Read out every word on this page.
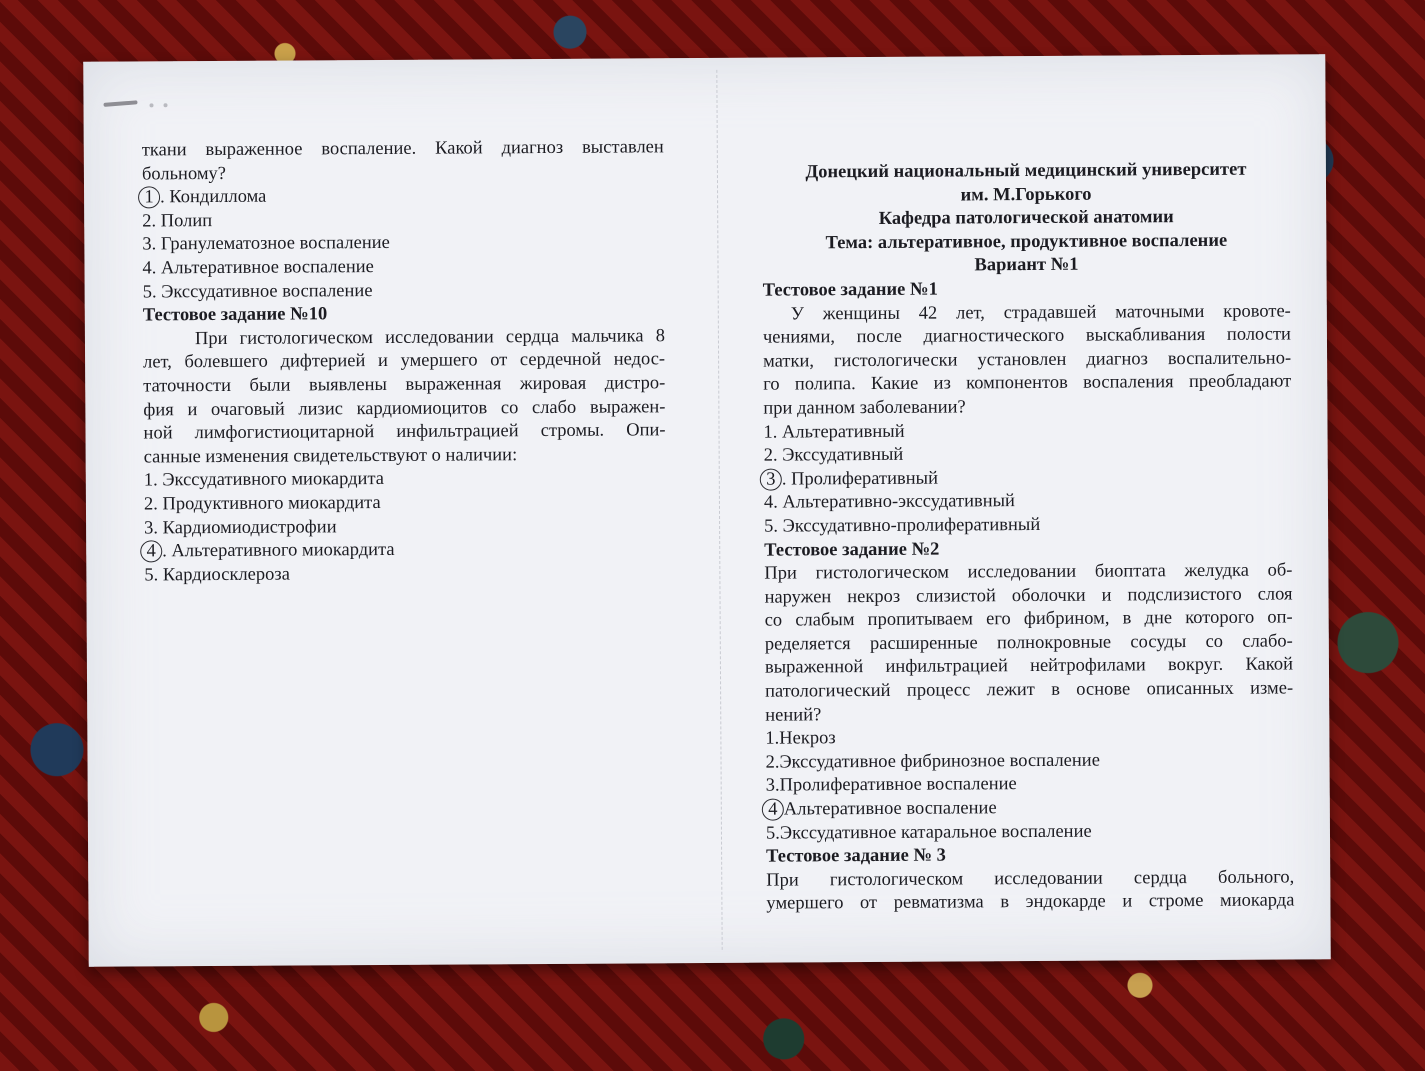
ткани выраженное воспаление. Какой диагноз выставлен

больному?

1 . Кондиллома
2. Полип
3. Гранулематозное воспаление
4. Альтеративное воспаление
5. Экссудативное воспаление

Тестовое задание №10

При гистологическом исследовании сердца мальчика 8

лет, болевшего дифтерией и умершего от сердечной недос-

таточности были выявлены выраженная жировая дистро-

фия и очаговый лизис кардиомиоцитов со слабо выражен-

ной лимфогистиоцитарной инфильтрацией стромы. Опи-

санные изменения свидетельствуют о наличии:

1. Экссудативного миокардита
2. Продуктивного миокардита
3. Кардиомиодистрофии
4 . Альтеративного миокардита
5. Кардиосклероза

Донецкий национальный медицинский университет

им. М.Горького

Кафедра патологической анатомии

Тема: альтеративное, продуктивное воспаление

Вариант №1

Тестовое задание №1

У женщины 42 лет, страдавшей маточными кровоте-

чениями, после диагностического выскабливания полости

матки, гистологически установлен диагноз воспалительно-

го полипа. Какие из компонентов воспаления преобладают

при данном заболевании?

1. Альтеративный
2. Экссудативный
3 . Пролиферативный
4. Альтеративно-экссудативный
5. Экссудативно-пролиферативный

Тестовое задание №2

При гистологическом исследовании биоптата желудка об-

наружен некроз слизистой оболочки и подслизистого слоя

со слабым пропитываем его фибрином, в дне которого оп-

ределяется расширенные полнокровные сосуды со слабо-

выраженной инфильтрацией нейтрофилами вокруг. Какой

патологический процесс лежит в основе описанных изме-

нений?

1.Некроз
2.Экссудативное фибринозное воспаление
3.Пролиферативное воспаление
4 Альтеративное воспаление
5.Экссудативное катаральное воспаление

Тестовое задание № 3

При гистологическом исследовании сердца больного,

умершего от ревматизма в эндокарде и строме миокарда
